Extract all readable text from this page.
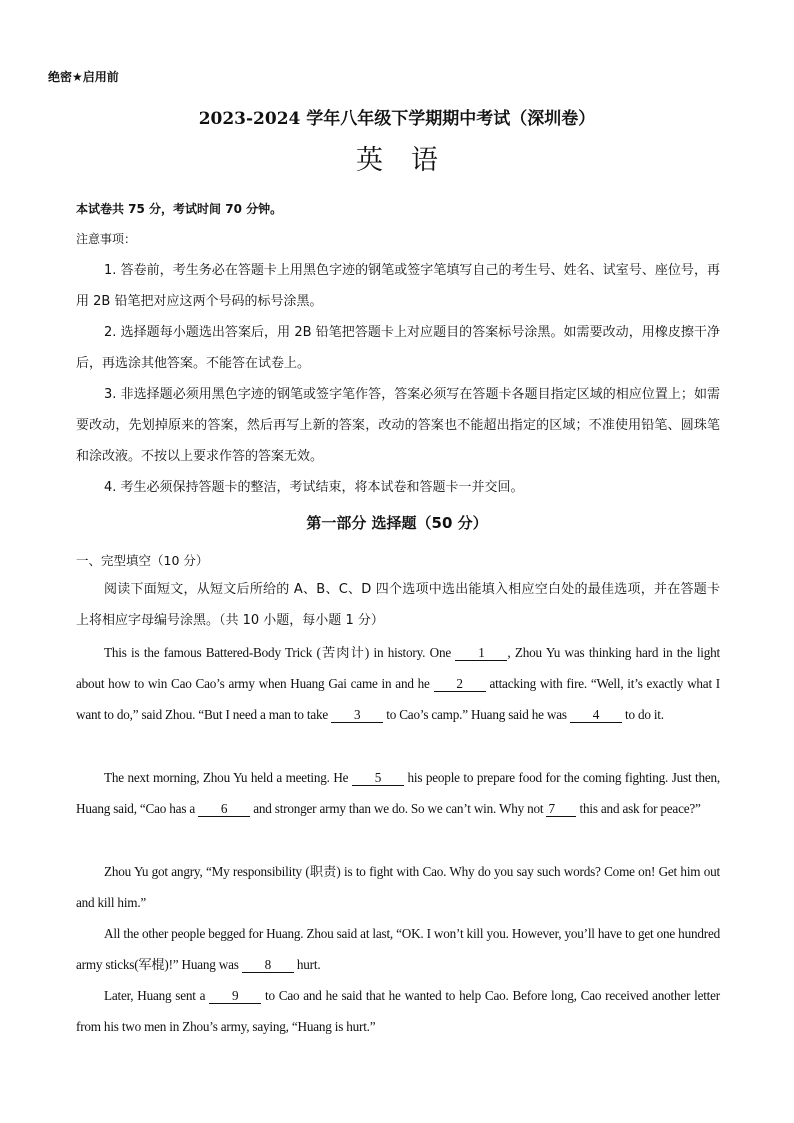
绝密★启用前
2023-2024 学年八年级下学期期中考试（深圳卷）
英语
本试卷共 75 分，考试时间 70 分钟。
注意事项：

1. 答卷前，考生务必在答题卡上用黑色字迹的钢笔或签字笔填写自己的考生号、姓名、试室号、座位号，再用 2B 铅笔把对应这两个号码的标号涂黑。

2. 选择题每小题选出答案后，用 2B 铅笔把答题卡上对应题目的答案标号涂黑。如需要改动，用橡皮擦干净后，再选涂其他答案。不能答在试卷上。

3. 非选择题必须用黑色字迹的钢笔或签字笔作答，答案必须写在答题卡各题目指定区域的相应位置上；如需要改动，先划掉原来的答案，然后再写上新的答案，改动的答案也不能超出指定的区域；不准使用铅笔、圆珠笔和涂改液。不按以上要求作答的答案无效。

4. 考生必须保持答题卡的整洁，考试结束，将本试卷和答题卡一并交回。

第一部分 选择题（50 分）
一、完型填空（10 分）

阅读下面短文，从短文后所给的 A、B、C、D 四个选项中选出能填入相应空白处的最佳选项，并在答题卡上将相应字母编号涂黑。（共 10 小题，每小题 1 分）

This is the famous Battered-Body Trick (苦肉计) in history. One 1 , Zhou Yu was thinking hard in the light about how to win Cao Cao’s army when Huang Gai came in and he 2 attacking with fire. “Well, it’s exactly what I want to do,” said Zhou. “But I need a man to take 3 to Cao’s camp.” Huang said he was 4 to do it.

The next morning, Zhou Yu held a meeting. He 5 his people to prepare food for the coming fighting. Just then, Huang said, “Cao has a 6 and stronger army than we do. So we can’t win. Why not 7 this and ask for peace?”

Zhou Yu got angry, “My responsibility (职责) is to fight with Cao. Why do you say such words? Come on! Get him out and kill him.”

All the other people begged for Huang. Zhou said at last, “OK. I won’t kill you. However, you’ll have to get one hundred army sticks(军棍)!” Huang was 8 hurt.

Later, Huang sent a 9 to Cao and he said that he wanted to help Cao. Before long, Cao received another letter from his two men in Zhou’s army, saying, “Huang is hurt.”
